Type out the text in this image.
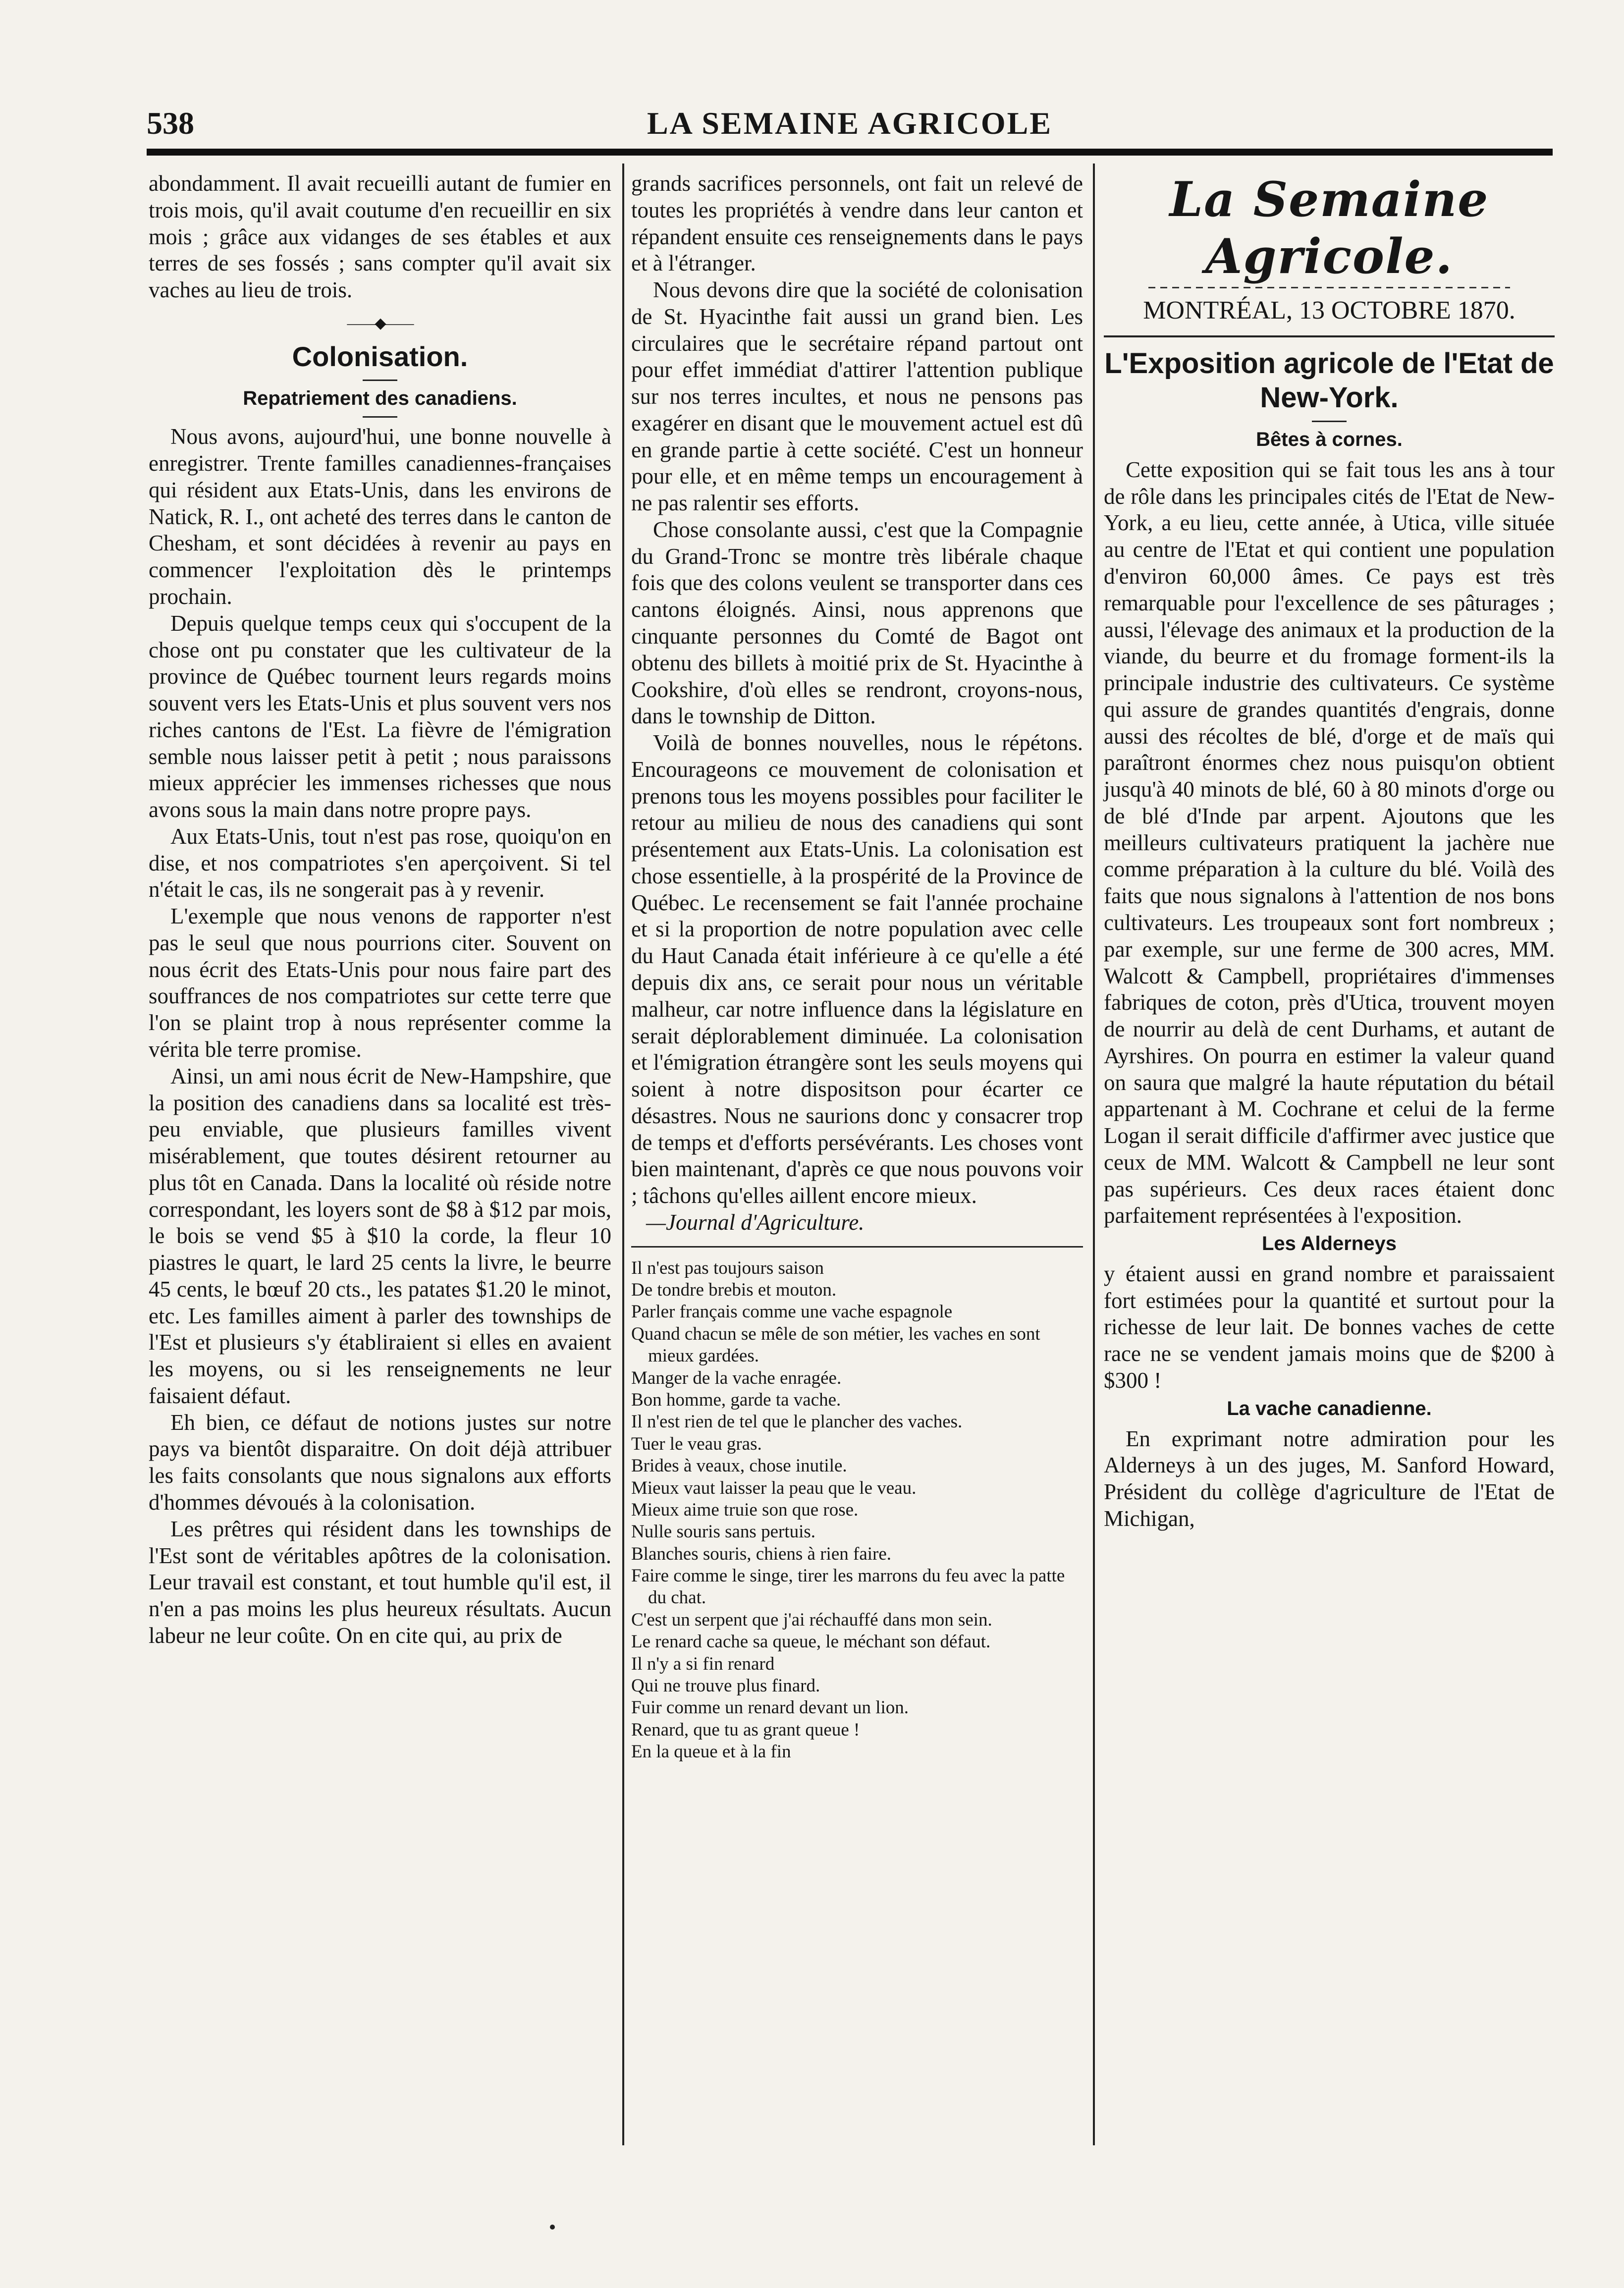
538	LA SEMAINE AGRICOLE

abondamment. Il avait recueilli autant de fumier en trois mois, qu'il avait coutume d'en recueillir en six mois ; grâce aux vidanges de ses étables et aux terres de ses fossés ; sans compter qu'il avait six vaches au lieu de trois.

——◆——
Colonisation.
Repatriement des canadiens.

Nous avons, aujourd'hui, une bonne nouvelle à enregistrer. Trente familles canadiennes-françaises qui résident aux Etats-Unis, dans les environs de Natick, R. I., ont acheté des terres dans le canton de Chesham, et sont décidées à revenir au pays en commencer l'exploitation dès le printemps prochain.

Depuis quelque temps ceux qui s'occupent de la chose ont pu constater que les cultivateur de la province de Québec tournent leurs regards moins souvent vers les Etats-Unis et plus souvent vers nos riches cantons de l'Est. La fièvre de l'émigration semble nous laisser petit à petit ; nous paraissons mieux apprécier les immenses richesses que nous avons sous la main dans notre propre pays.

Aux Etats-Unis, tout n'est pas rose, quoiqu'on en dise, et nos compatriotes s'en aperçoivent. Si tel n'était le cas, ils ne songerait pas à y revenir.

L'exemple que nous venons de rapporter n'est pas le seul que nous pourrions citer. Souvent on nous écrit des Etats-Unis pour nous faire part des souffrances de nos compatriotes sur cette terre que l'on se plaint trop à nous représenter comme la vérita ble terre promise.

Ainsi, un ami nous écrit de New-Hampshire, que la position des canadiens dans sa localité est très-peu enviable, que plusieurs familles vivent misérablement, que toutes désirent retourner au plus tôt en Canada. Dans la localité où réside notre correspondant, les loyers sont de $8 à $12 par mois, le bois se vend $5 à $10 la corde, la fleur 10 piastres le quart, le lard 25 cents la livre, le beurre 45 cents, le bœuf 20 cts., les patates $1.20 le minot, etc. Les familles aiment à parler des townships de l'Est et plusieurs s'y établiraient si elles en avaient les moyens, ou si les renseignements ne leur faisaient défaut.

Eh bien, ce défaut de notions justes sur notre pays va bientôt disparaitre. On doit déjà attribuer les faits consolants que nous signalons aux efforts d'hommes dévoués à la colonisation.

Les prêtres qui résident dans les townships de l'Est sont de véritables apôtres de la colonisation. Leur travail est constant, et tout humble qu'il est, il n'en a pas moins les plus heureux résultats. Aucun labeur ne leur coûte. On en cite qui, au prix de

grands sacrifices personnels, ont fait un relevé de toutes les propriétés à vendre dans leur canton et répandent ensuite ces renseignements dans le pays et à l'étranger.

Nous devons dire que la société de colonisation de St. Hyacinthe fait aussi un grand bien. Les circulaires que le secrétaire répand partout ont pour effet immédiat d'attirer l'attention publique sur nos terres incultes, et nous ne pensons pas exagérer en disant que le mouvement actuel est dû en grande partie à cette société. C'est un honneur pour elle, et en même temps un encouragement à ne pas ralentir ses efforts.

Chose consolante aussi, c'est que la Compagnie du Grand-Tronc se montre très libérale chaque fois que des colons veulent se transporter dans ces cantons éloignés. Ainsi, nous apprenons que cinquante personnes du Comté de Bagot ont obtenu des billets à moitié prix de St. Hyacinthe à Cookshire, d'où elles se rendront, croyons-nous, dans le township de Ditton.

Voilà de bonnes nouvelles, nous le répétons. Encourageons ce mouvement de colonisation et prenons tous les moyens possibles pour faciliter le retour au milieu de nous des canadiens qui sont présentement aux Etats-Unis. La colonisation est chose essentielle, à la prospérité de la Province de Québec. Le recensement se fait l'année prochaine et si la proportion de notre population avec celle du Haut Canada était inférieure à ce qu'elle a été depuis dix ans, ce serait pour nous un véritable malheur, car notre influence dans la législature en serait déplorablement diminuée. La colonisation et l'émigration étrangère sont les seuls moyens qui soient à notre dispositson pour écarter ce désastres. Nous ne saurions donc y consacrer trop de temps et d'efforts persévérants. Les choses vont bien maintenant, d'après ce que nous pouvons voir ; tâchons qu'elles aillent encore mieux.

—Journal d'Agriculture.

Il n'est pas toujours saison
De tondre brebis et mouton.
Parler français comme une vache espagnole
Quand chacun se mêle de son métier, les vaches en sont mieux gardées.
Manger de la vache enragée.
Bon homme, garde ta vache.
Il n'est rien de tel que le plancher des vaches.
Tuer le veau gras.
Brides à veaux, chose inutile.
Mieux vaut laisser la peau que le veau.
Mieux aime truie son que rose.
Nulle souris sans pertuis.
Blanches souris, chiens à rien faire.
Faire comme le singe, tirer les marrons du feu avec la patte du chat.
C'est un serpent que j'ai réchauffé dans mon sein.
Le renard cache sa queue, le méchant son défaut.
Il n'y a si fin renard
Qui ne trouve plus finard.
Fuir comme un renard devant un lion.
Renard, que tu as grant queue !
En la queue et à la fin
La Semaine Agricole.
MONTRÉAL, 13 OCTOBRE 1870.
L'Exposition agricole de l'Etat de New-York.
Bêtes à cornes.

Cette exposition qui se fait tous les ans à tour de rôle dans les principales cités de l'Etat de New-York, a eu lieu, cette année, à Utica, ville située au centre de l'Etat et qui contient une population d'environ 60,000 âmes. Ce pays est très remarquable pour l'excellence de ses pâturages ; aussi, l'élevage des animaux et la production de la viande, du beurre et du fromage forment-ils la principale industrie des cultivateurs. Ce système qui assure de grandes quantités d'engrais, donne aussi des récoltes de blé, d'orge et de maïs qui paraîtront énormes chez nous puisqu'on obtient jusqu'à 40 minots de blé, 60 à 80 minots d'orge ou de blé d'Inde par arpent. Ajoutons que les meilleurs cultivateurs pratiquent la jachère nue comme préparation à la culture du blé. Voilà des faits que nous signalons à l'attention de nos bons cultivateurs. Les troupeaux sont fort nombreux ; par exemple, sur une ferme de 300 acres, MM. Walcott & Campbell, propriétaires d'immenses fabriques de coton, près d'Utica, trouvent moyen de nourrir au delà de cent Durhams, et autant de Ayrshires. On pourra en estimer la valeur quand on saura que malgré la haute réputation du bétail appartenant à M. Cochrane et celui de la ferme Logan il serait difficile d'affirmer avec justice que ceux de MM. Walcott & Campbell ne leur sont pas supérieurs. Ces deux races étaient donc parfaitement représentées à l'exposition.

Les Alderneys

y étaient aussi en grand nombre et paraissaient fort estimées pour la quantité et surtout pour la richesse de leur lait. De bonnes vaches de cette race ne se vendent jamais moins que de $200 à $300 !

La vache canadienne.

En exprimant notre admiration pour les Alderneys à un des juges, M. Sanford Howard, Président du collège d'agriculture de l'Etat de Michigan,
